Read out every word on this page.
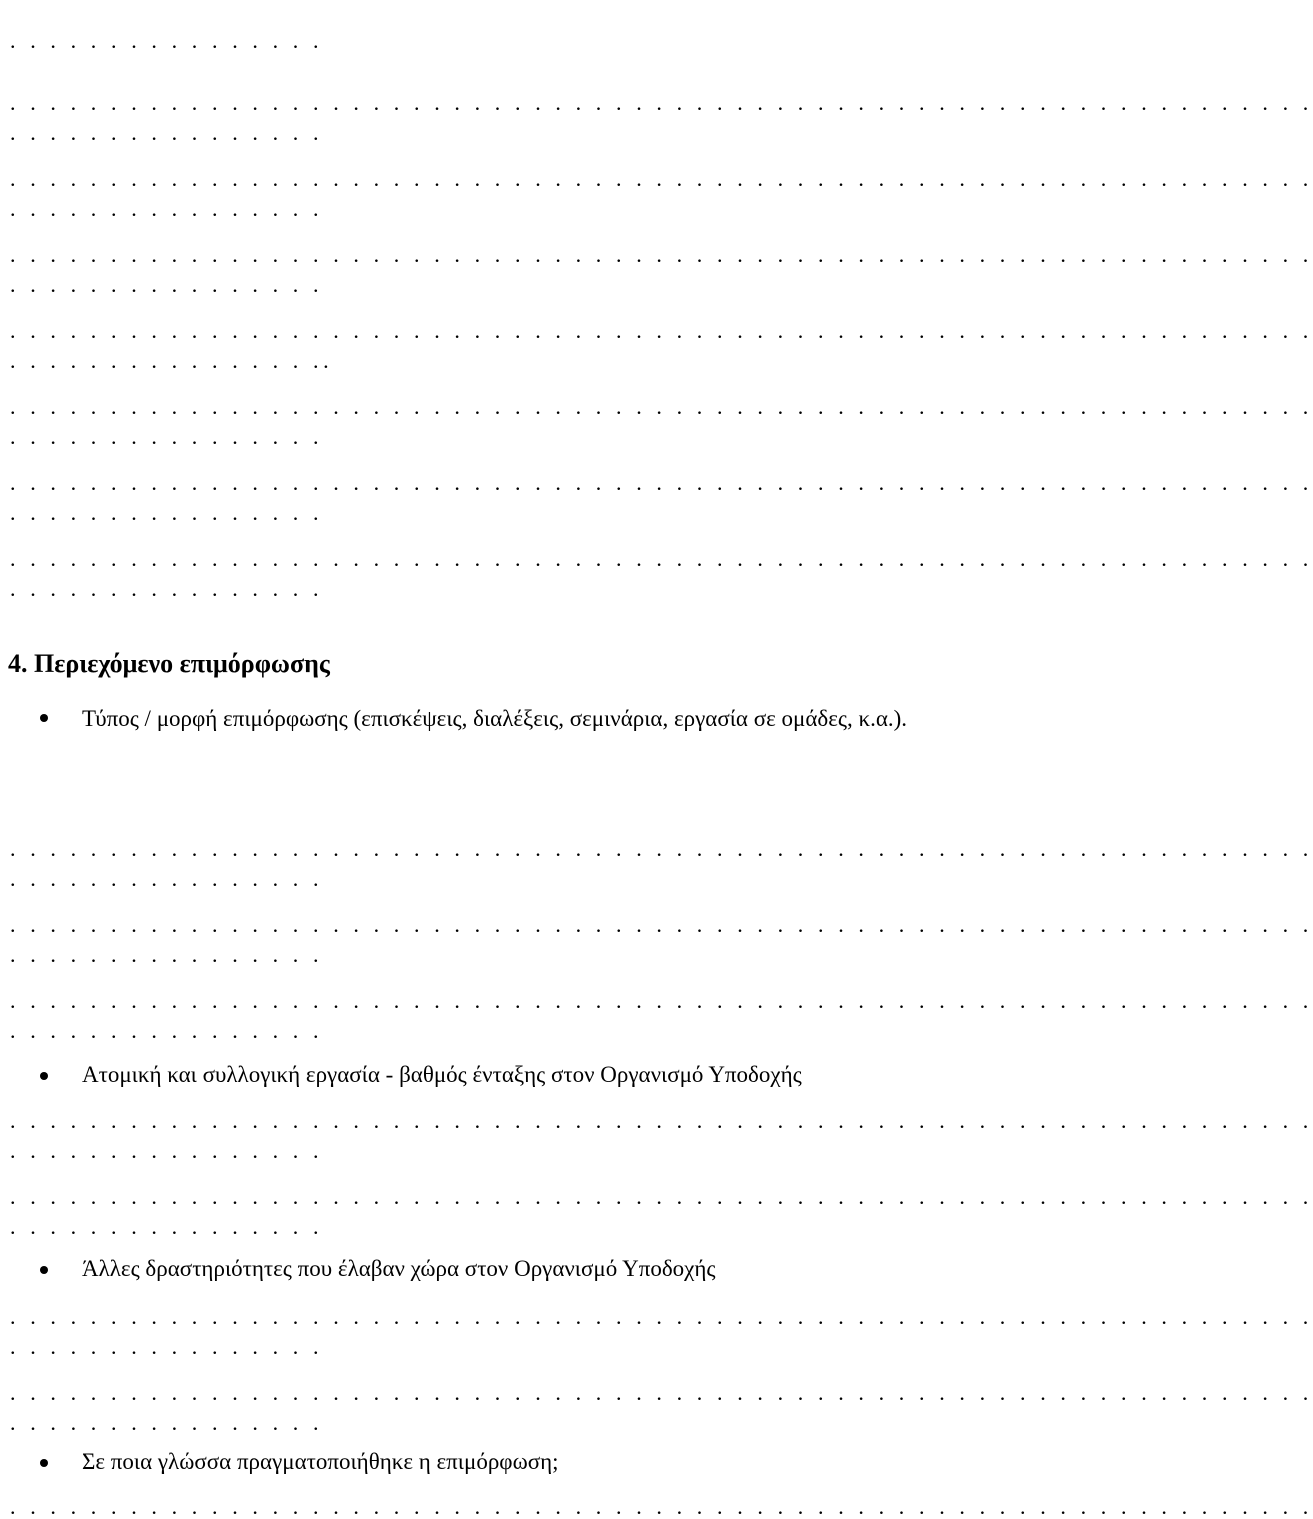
. . . . . . . . . . . . . . . .
. . . . . . . . . . . . . . . . . . . . . . . . . . . . . . . . . . . . . . . . . . . . . . . . . . . . . . . . . . . . . . . . .
. . . . . . . . . . . . . . . .
. . . . . . . . . . . . . . . . . . . . . . . . . . . . . . . . . . . . . . . . . . . . . . . . . . . . . . . . . . . . . . . . .
. . . . . . . . . . . . . . . .
. . . . . . . . . . . . . . . . . . . . . . . . . . . . . . . . . . . . . . . . . . . . . . . . . . . . . . . . . . . . . . . . .
. . . . . . . . . . . . . . . .
. . . . . . . . . . . . . . . . . . . . . . . . . . . . . . . . . . . . . . . . . . . . . . . . . . . . . . . . . . . . . . . . .
. . . . . . . . . . . . . . . ..
. . . . . . . . . . . . . . . . . . . . . . . . . . . . . . . . . . . . . . . . . . . . . . . . . . . . . . . . . . . . . . . . .
. . . . . . . . . . . . . . . .
. . . . . . . . . . . . . . . . . . . . . . . . . . . . . . . . . . . . . . . . . . . . . . . . . . . . . . . . . . . . . . . . .
. . . . . . . . . . . . . . . .
. . . . . . . . . . . . . . . . . . . . . . . . . . . . . . . . . . . . . . . . . . . . . . . . . . . . . . . . . . . . . . . . .
. . . . . . . . . . . . . . . .
4. Περιεχόμενο επιμόρφωσης
Τύπος / μορφή επιμόρφωσης (επισκέψεις, διαλέξεις, σεμινάρια, εργασία σε ομάδες, κ.α.).
. . . . . . . . . . . . . . . . . . . . . . . . . . . . . . . . . . . . . . . . . . . . . . . . . . . . . . . . . . . . . . . . .
. . . . . . . . . . . . . . . .
. . . . . . . . . . . . . . . . . . . . . . . . . . . . . . . . . . . . . . . . . . . . . . . . . . . . . . . . . . . . . . . . .
. . . . . . . . . . . . . . . .
. . . . . . . . . . . . . . . . . . . . . . . . . . . . . . . . . . . . . . . . . . . . . . . . . . . . . . . . . . . . . . . . .
. . . . . . . . . . . . . . . .
Ατομική και συλλογική εργασία - βαθμός ένταξης στον Οργανισμό Υποδοχής
. . . . . . . . . . . . . . . . . . . . . . . . . . . . . . . . . . . . . . . . . . . . . . . . . . . . . . . . . . . . . . . . .
. . . . . . . . . . . . . . . .
. . . . . . . . . . . . . . . . . . . . . . . . . . . . . . . . . . . . . . . . . . . . . . . . . . . . . . . . . . . . . . . . .
. . . . . . . . . . . . . . . .
Άλλες δραστηριότητες που έλαβαν χώρα στον Οργανισμό Υποδοχής
. . . . . . . . . . . . . . . . . . . . . . . . . . . . . . . . . . . . . . . . . . . . . . . . . . . . . . . . . . . . . . . . .
. . . . . . . . . . . . . . . .
. . . . . . . . . . . . . . . . . . . . . . . . . . . . . . . . . . . . . . . . . . . . . . . . . . . . . . . . . . . . . . . . .
. . . . . . . . . . . . . . . .
Σε ποια γλώσσα πραγματοποιήθηκε η επιμόρφωση;
. . . . . . . . . . . . . . . . . . . . . . . . . . . . . . . . . . . . . . . . . . . . . . . . . . . . . . . . . . . . . . . . .
